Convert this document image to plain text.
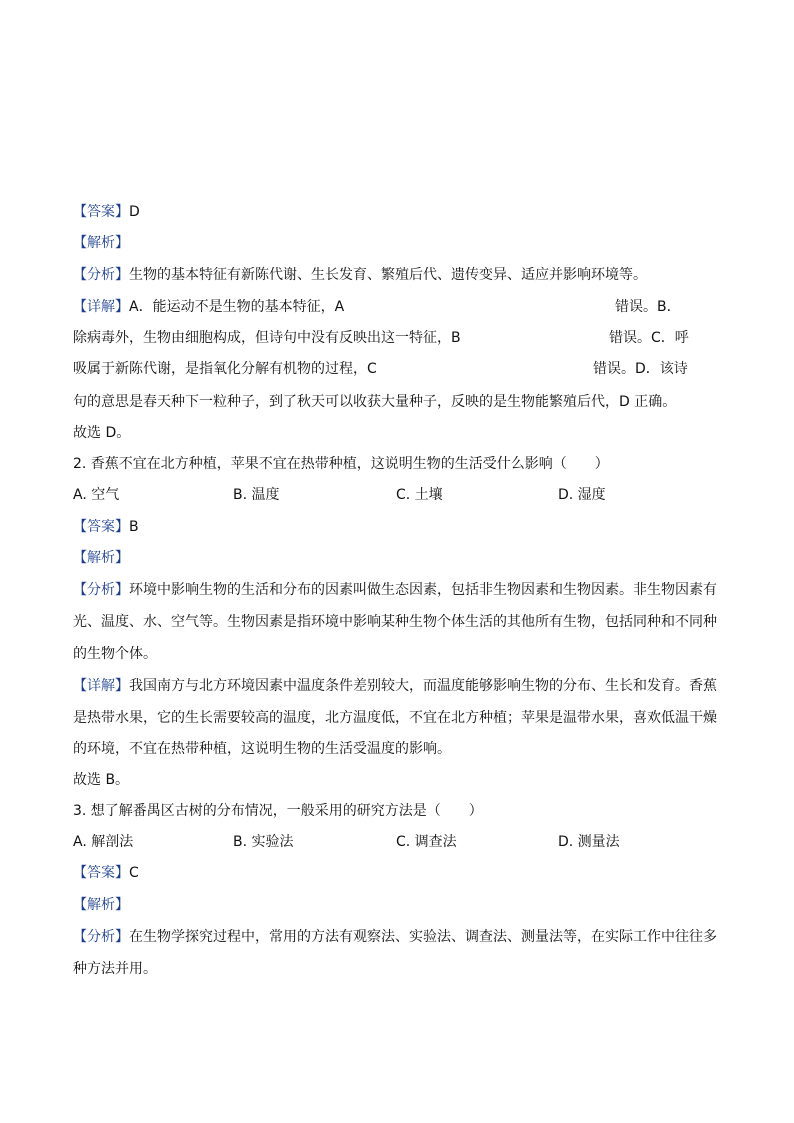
【答案】D
【解析】
【分析】生物的基本特征有新陈代谢、生长发育、繁殖后代、遗传变异、适应并影响环境等。
【详解】A．能运动不是生物的基本特征，A	错误。B．
除病毒外，生物由细胞构成，但诗句中没有反映出这一特征，B	错误。C．呼
吸属于新陈代谢，是指氧化分解有机物的过程，C	错误。D．该诗
句的意思是春天种下一粒种子，到了秋天可以收获大量种子，反映的是生物能繁殖后代，D 正确。
故选 D。
2. 香蕉不宜在北方种植，苹果不宜在热带种植，这说明生物的生活受什么影响（　　）
A. 空气	B. 温度	C. 土壤	D. 湿度
【答案】B
【解析】
【分析】环境中影响生物的生活和分布的因素叫做生态因素，包括非生物因素和生物因素。非生物因素有
光、温度、水、空气等。生物因素是指环境中影响某种生物个体生活的其他所有生物，包括同种和不同种
的生物个体。
【详解】我国南方与北方环境因素中温度条件差别较大，而温度能够影响生物的分布、生长和发育。香蕉
是热带水果，它的生长需要较高的温度，北方温度低，不宜在北方种植；苹果是温带水果，喜欢低温干燥
的环境，不宜在热带种植，这说明生物的生活受温度的影响。
故选 B。
3. 想了解番禺区古树的分布情况，一般采用的研究方法是（　　）
A. 解剖法	B. 实验法	C. 调查法	D. 测量法
【答案】C
【解析】
【分析】在生物学探究过程中，常用的方法有观察法、实验法、调查法、测量法等，在实际工作中往往多
种方法并用。
